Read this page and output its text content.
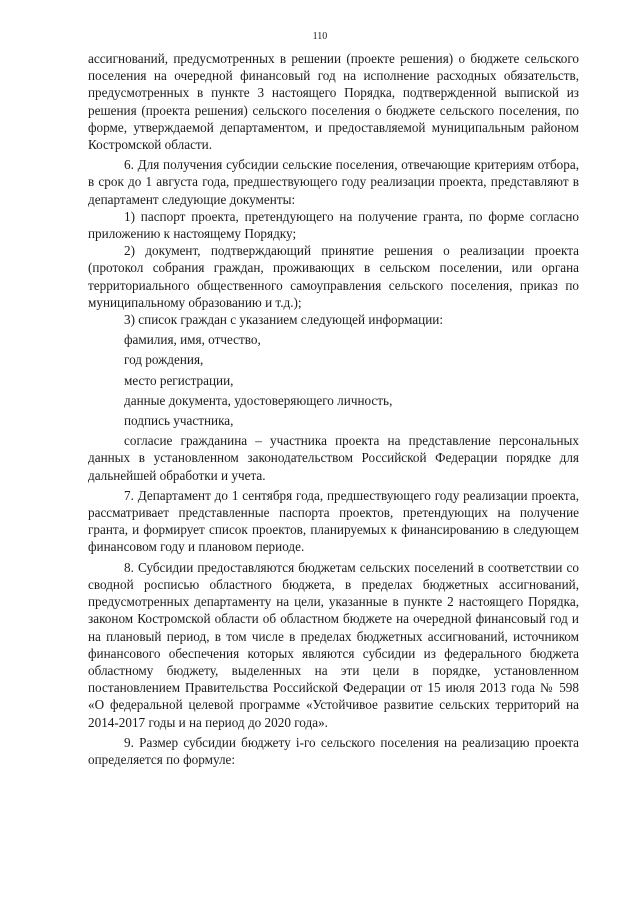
110

ассигнований, предусмотренных в решении (проекте решения) о бюджете сельского поселения на очередной финансовый год на исполнение расходных обязательств, предусмотренных в пункте 3 настоящего Порядка, подтвержденной выпиской из решения (проекта решения) сельского поселения о бюджете сельского поселения, по форме, утверждаемой департаментом, и предоставляемой муниципальным районом Костромской области.

6. Для получения субсидии сельские поселения, отвечающие критериям отбора, в срок до 1 августа года, предшествующего году реализации проекта, представляют в департамент следующие документы:

1) паспорт проекта, претендующего на получение гранта, по форме согласно приложению к настоящему Порядку;

2) документ, подтверждающий принятие решения о реализации проекта (протокол собрания граждан, проживающих в сельском поселении, или органа территориального общественного самоуправления сельского поселения, приказ по муниципальному образованию и т.д.);

3) список граждан с указанием следующей информации:

фамилия, имя, отчество,

год рождения,

место регистрации,

данные документа, удостоверяющего личность,

подпись участника,

согласие гражданина – участника проекта на представление персональных данных в установленном законодательством Российской Федерации порядке для дальнейшей обработки и учета.

7. Департамент до 1 сентября года, предшествующего году реализации проекта, рассматривает представленные паспорта проектов, претендующих на получение гранта, и формирует список проектов, планируемых к финансированию в следующем финансовом году и плановом периоде.

8. Субсидии предоставляются бюджетам сельских поселений в соответствии со сводной росписью областного бюджета, в пределах бюджетных ассигнований, предусмотренных департаменту на цели, указанные в пункте 2 настоящего Порядка, законом Костромской области об областном бюджете на очередной финансовый год и на плановый период, в том числе в пределах бюджетных ассигнований, источником финансового обеспечения которых являются субсидии из федерального бюджета областному бюджету, выделенных на эти цели в порядке, установленном постановлением Правительства Российской Федерации от 15 июля 2013 года № 598 «О федеральной целевой программе «Устойчивое развитие сельских территорий на 2014-2017 годы и на период до 2020 года».

9. Размер субсидии бюджету i-го сельского поселения на реализацию проекта определяется по формуле:
